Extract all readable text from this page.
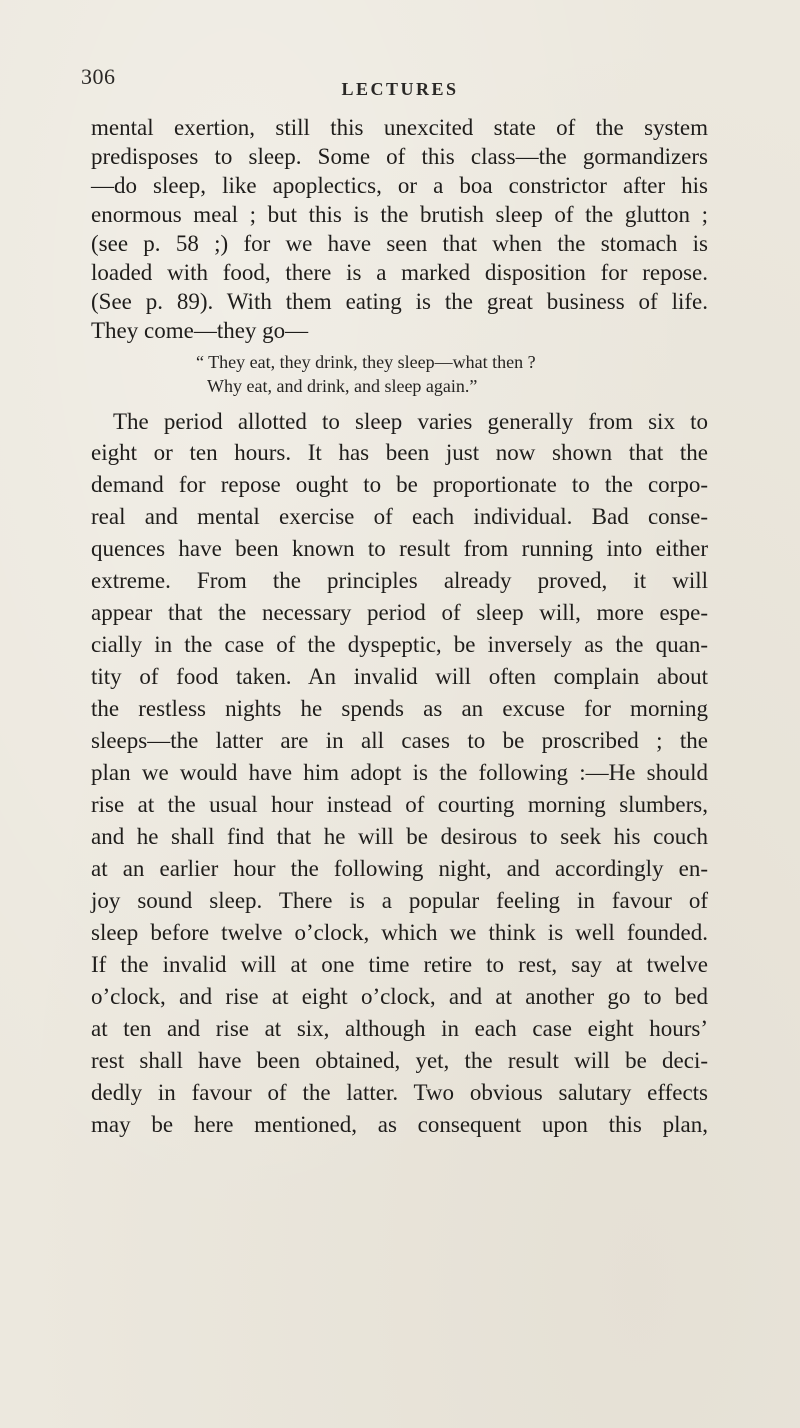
306	LECTURES
mental exertion, still this unexcited state of the system
predisposes to sleep. Some of this class—the gormandizers
—do sleep, like apoplectics, or a boa constrictor after his
enormous meal ; but this is the brutish sleep of the glutton ;
(see p. 58 ;) for we have seen that when the stomach is
loaded with food, there is a marked disposition for repose.
(See p. 89). With them eating is the great business of life.
They come—they go—
“ They eat, they drink, they sleep—what then ?
Why eat, and drink, and sleep again.”
The period allotted to sleep varies generally from six to
eight or ten hours. It has been just now shown that the
demand for repose ought to be proportionate to the corpo-
real and mental exercise of each individual. Bad conse-
quences have been known to result from running into either
extreme. From the principles already proved, it will
appear that the necessary period of sleep will, more espe-
cially in the case of the dyspeptic, be inversely as the quan-
tity of food taken. An invalid will often complain about
the restless nights he spends as an excuse for morning
sleeps—the latter are in all cases to be proscribed ; the
plan we would have him adopt is the following :—He should
rise at the usual hour instead of courting morning slumbers,
and he shall find that he will be desirous to seek his couch
at an earlier hour the following night, and accordingly en-
joy sound sleep. There is a popular feeling in favour of
sleep before twelve o’clock, which we think is well founded.
If the invalid will at one time retire to rest, say at twelve
o’clock, and rise at eight o’clock, and at another go to bed
at ten and rise at six, although in each case eight hours’
rest shall have been obtained, yet, the result will be deci-
dedly in favour of the latter. Two obvious salutary effects
may be here mentioned, as consequent upon this plan,
